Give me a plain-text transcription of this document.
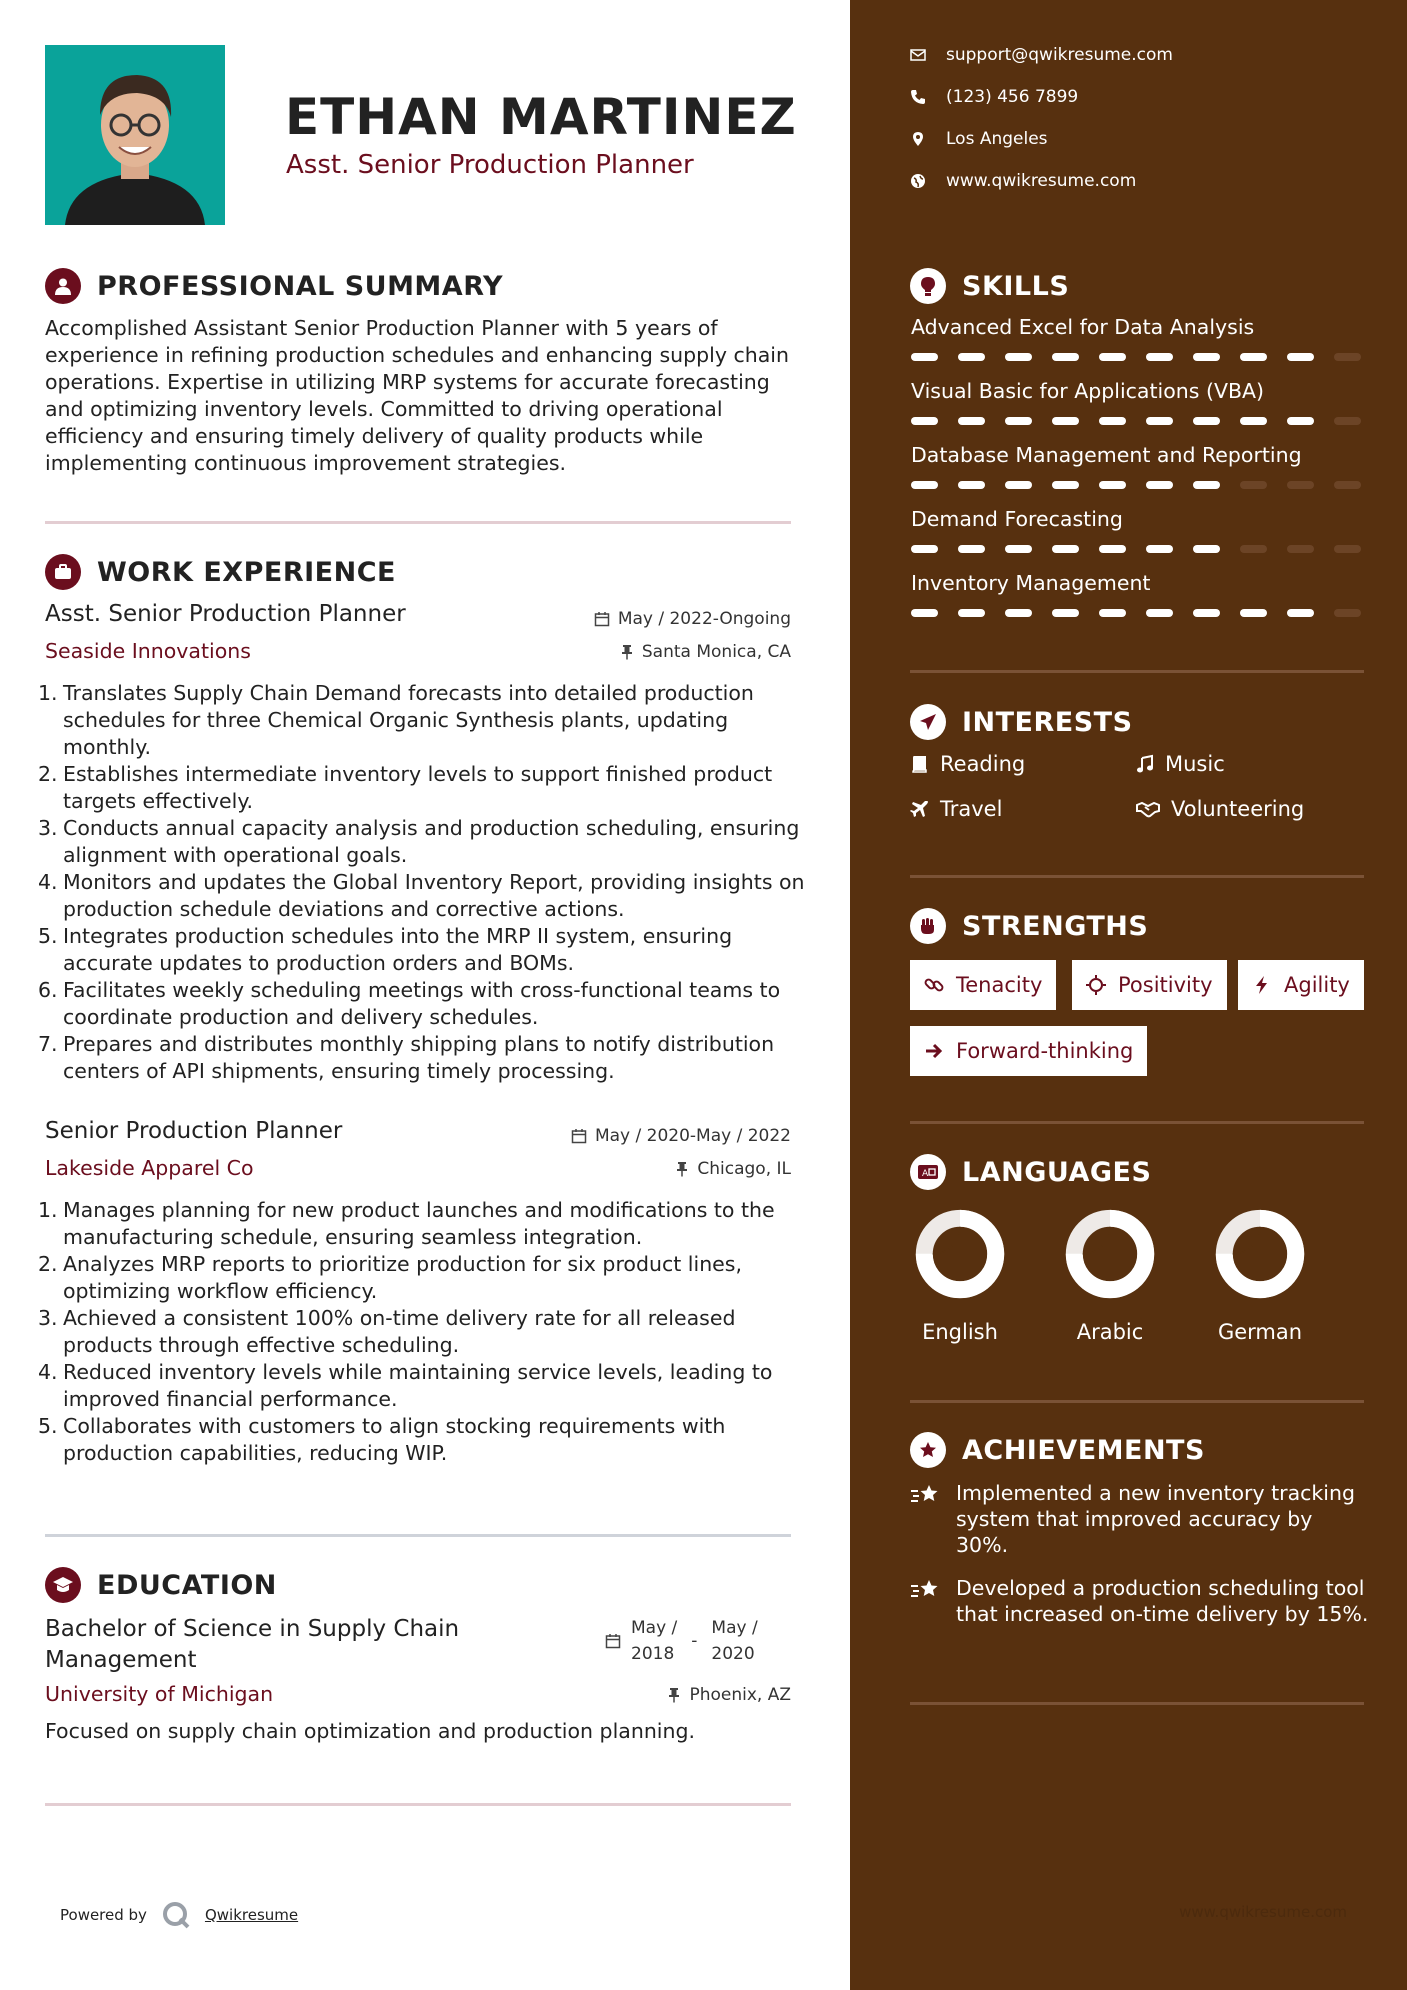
ETHAN MARTINEZ
Asst. Senior Production Planner
PROFESSIONAL SUMMARY
Accomplished Assistant Senior Production Planner with 5 years of experience in refining production schedules and enhancing supply chain operations. Expertise in utilizing MRP systems for accurate forecasting and optimizing inventory levels. Committed to driving operational efficiency and ensuring timely delivery of quality products while implementing continuous improvement strategies.
WORK EXPERIENCE
Asst. Senior Production Planner	May / 2022-Ongoing
Seaside Innovations	Santa Monica, CA
1. Translates Supply Chain Demand forecasts into detailed production schedules for three Chemical Organic Synthesis plants, updating monthly.
2. Establishes intermediate inventory levels to support finished product targets effectively.
3. Conducts annual capacity analysis and production scheduling, ensuring alignment with operational goals.
4. Monitors and updates the Global Inventory Report, providing insights on production schedule deviations and corrective actions.
5. Integrates production schedules into the MRP II system, ensuring accurate updates to production orders and BOMs.
6. Facilitates weekly scheduling meetings with cross-functional teams to coordinate production and delivery schedules.
7. Prepares and distributes monthly shipping plans to notify distribution centers of API shipments, ensuring timely processing.
Senior Production Planner	May / 2020-May / 2022
Lakeside Apparel Co	Chicago, IL
1. Manages planning for new product launches and modifications to the manufacturing schedule, ensuring seamless integration.
2. Analyzes MRP reports to prioritize production for six product lines, optimizing workflow efficiency.
3. Achieved a consistent 100% on-time delivery rate for all released products through effective scheduling.
4. Reduced inventory levels while maintaining service levels, leading to improved financial performance.
5. Collaborates with customers to align stocking requirements with production capabilities, reducing WIP.
EDUCATION
Bachelor of Science in Supply Chain
Management
May /
2018
-
May /
2020
University of Michigan	Phoenix, AZ
Focused on supply chain optimization and production planning.
Powered by	Qwikresume
support@qwikresume.com
(123) 456 7899
Los Angeles
www.qwikresume.com
SKILLS
Advanced Excel for Data Analysis
Visual Basic for Applications (VBA)
Database Management and Reporting
Demand Forecasting
Inventory Management
INTERESTS
Reading	Music
Travel	Volunteering
STRENGTHS
Tenacity	Positivity	Agility
Forward-thinking
A LANGUAGES
English	Arabic	German
ACHIEVEMENTS
Implemented a new inventory tracking system that improved accuracy by 30%.
Developed a production scheduling tool that increased on-time delivery by 15%.
www.qwikresume.com
